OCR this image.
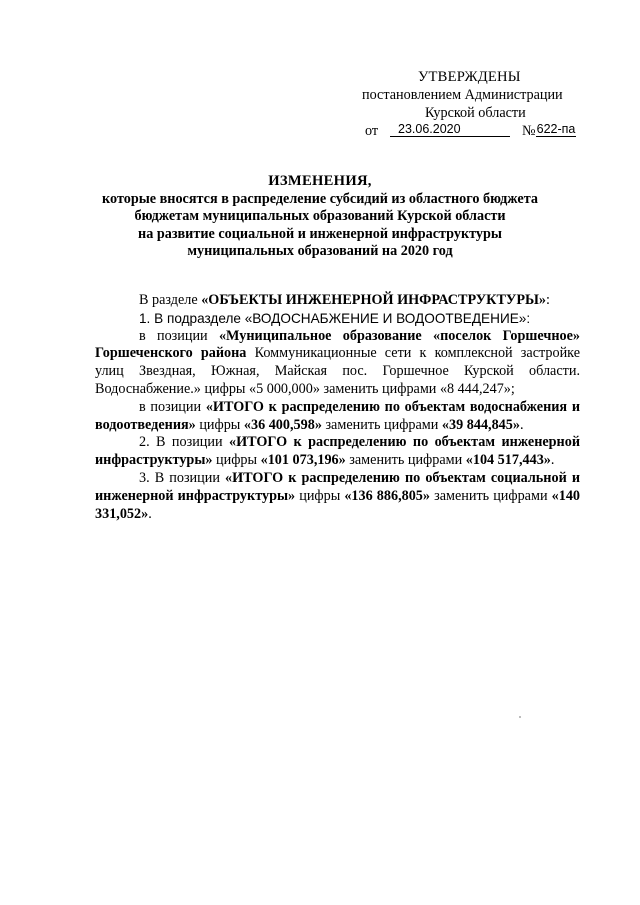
УТВЕРЖДЕНЫ
постановлением Администрации
Курской области
от	23.06.2020	№ 622-па
ИЗМЕНЕНИЯ,
которые вносятся в распределение субсидий из областного бюджета
бюджетам муниципальных образований Курской области
на развитие социальной и инженерной инфраструктуры
муниципальных образований на 2020 год

В разделе «ОБЪЕКТЫ ИНЖЕНЕРНОЙ ИНФРАСТРУКТУРЫ»:

1. В подразделе «ВОДОСНАБЖЕНИЕ И ВОДООТВЕДЕНИЕ»:

в позиции «Муниципальное образование «поселок Горшечное» Горшеченского района Коммуникационные сети к комплексной застройке улиц Звездная, Южная, Майская пос. Горшечное Курской области. Водоснабжение.» цифры «5 000,000» заменить цифрами «8 444,247»;

в позиции «ИТОГО к распределению по объектам водоснабжения и водоотведения» цифры «36 400,598» заменить цифрами «39 844,845».

2. В позиции «ИТОГО к распределению по объектам инженерной инфраструктуры» цифры «101 073,196» заменить цифрами «104 517,443».

3. В позиции «ИТОГО к распределению по объектам социальной и инженерной инфраструктуры» цифры «136 886,805» заменить цифрами «140 331,052».
